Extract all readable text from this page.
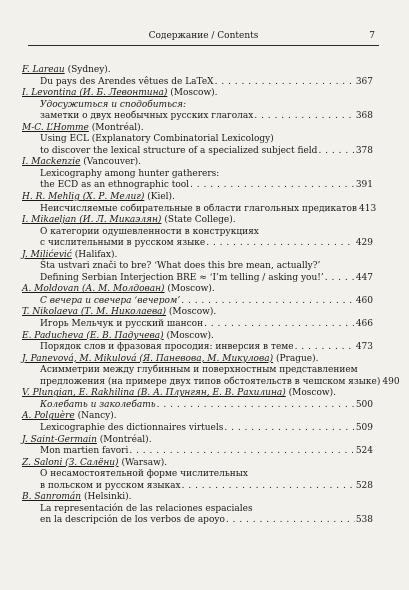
Содержание / Contents	7
F. Lareau (Sydney).
Du pays des Arendes vêtues de LaTeX . . .	367
I. Levontina (И. Б. Левонтина) (Moscow).
Удосужиться и сподобиться:
заметки о двух необычных русских глаголах . . .	368
M-C. L’Homme (Montréal).
Using ECL (Explanatory Combinatorial Lexicology)
to discover the lexical structure of a specialized subject field . . .	378
I. Mackenzie (Vancouver).
Lexicography among hunter gatherers:
the ECD as an ethnographic tool . . .	391
H. R. Mehlig (Х. Р. Мелиг) (Kiel).
Неисчисляемые собирательные в области глагольных предикатов 413
I. Mikaeljan (И. Л. Микаэлян) (State College).
О категории одушевленности в конструкциях
с числительными в русском языке . . .	429
J. Milićević (Halifax).
Šta ustvari znači to bre? ‘What does this bre mean, actually?’
Defining Serbian Interjection BRE ≈ ‘I’m telling / asking you!’ . . .	447
A. Moldovan (А. М. Молдован) (Moscow).
С вечера и свечера ‘вечером’ . . .	460
T. Nikolaeva (Т. М. Николаева) (Moscow).
Игорь Мельчук и русский шансон . . .	466
E. Paducheva (Е. В. Падучева) (Moscow).
Порядок слов и фразовая просодия: инверсия в теме . . .	473
J. Panevová, M. Mikulová (Я. Паневова, М. Микулова) (Prague).
Асимметрии между глубинным и поверхностным представлением
предложения (на примере двух типов обстоятельств в чешском языке) 490
V. Plungian, E. Rakhilina (В. А. Плунгян, Е. В. Рахилина) (Moscow).
Колебать и заколебать . . .	500
A. Polguère (Nancy).
Lexicographie des dictionnaires virtuels . . .	509
J. Saint-Germain (Montréal).
Mon martien favori . . .	524
Z. Saloni (З. Салёни) (Warsaw).
О несамостоятельной форме числительных
в польском и русском языках . . .	528
B. Sanromán (Helsinki).
La representación de las relaciones espaciales
en la descripción de los verbos de apoyo . . .	538
